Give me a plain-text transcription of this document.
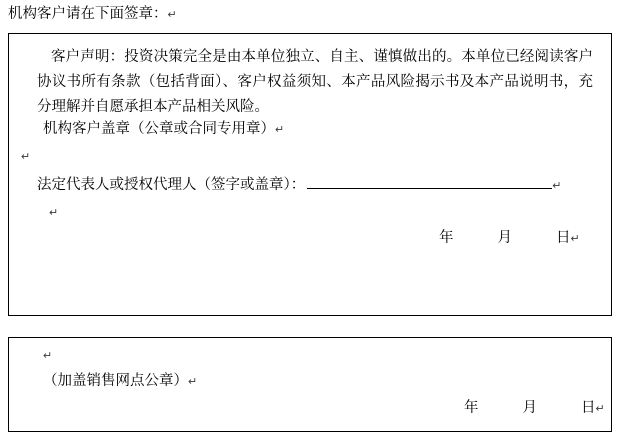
机构客户请在下面签章：↵
客户声明：投资决策完全是由本单位独立、自主、谨慎做出的。本单位已经阅读客户协议书所有条款（包括背面）、客户权益须知、本产品风险揭示书及本产品说明书，充分理解并自愿承担本产品相关风险。
机构客户盖章（公章或合同专用章）↵
↵
法定代表人或授权代理人（签字或盖章）：	↵
↵
年	月	日↵
↵
（加盖销售网点公章）↵
年	月	日↵
